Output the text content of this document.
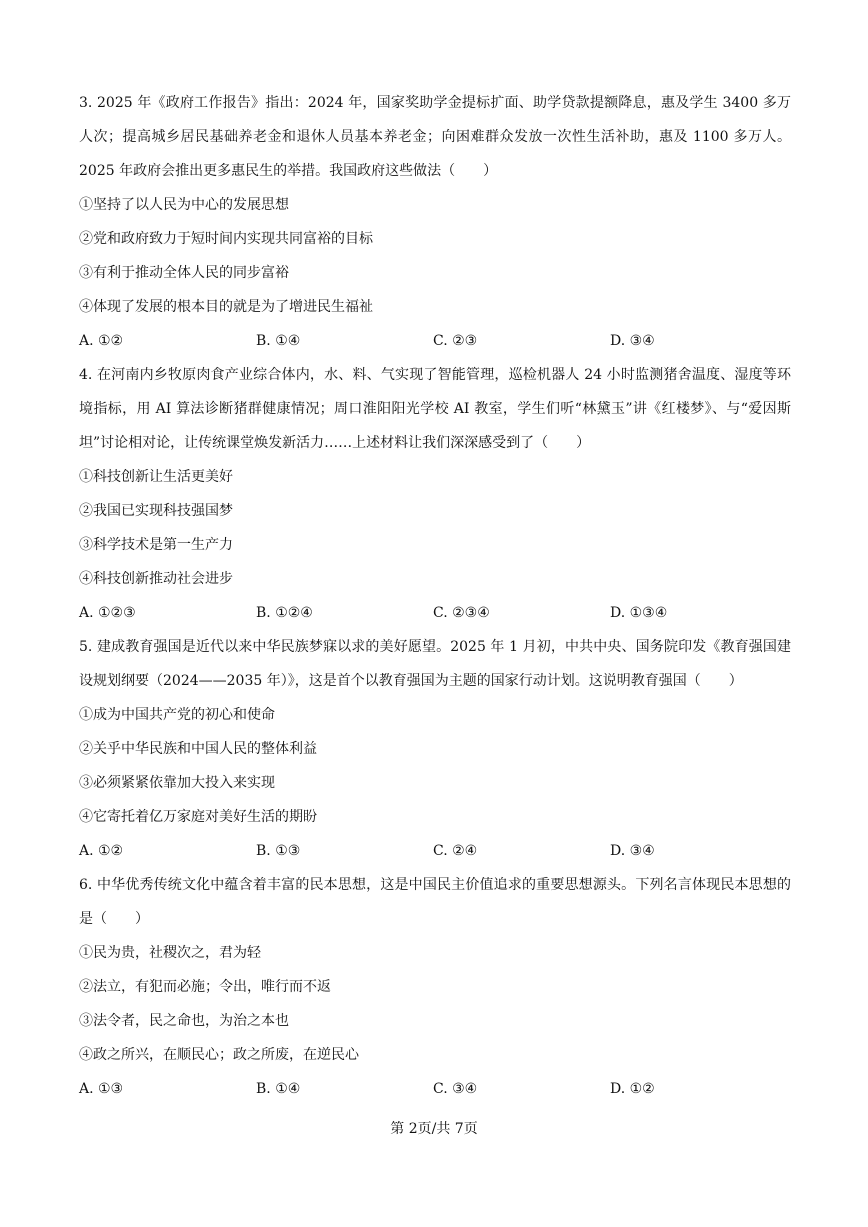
3. 2025 年《政府工作报告》指出：2024 年，国家奖助学金提标扩面、助学贷款提额降息，惠及学生 3400 多万人次；提高城乡居民基础养老金和退休人员基本养老金；向困难群众发放一次性生活补助，惠及 1100 多万人。2025 年政府会推出更多惠民生的举措。我国政府这些做法（　　）

①坚持了以人民为中心的发展思想

②党和政府致力于短时间内实现共同富裕的目标

③有利于推动全体人民的同步富裕

④体现了发展的根本目的就是为了增进民生福祉

A. ①②	B. ①④	C. ②③	D. ③④

4. 在河南内乡牧原肉食产业综合体内，水、料、气实现了智能管理，巡检机器人 24 小时监测猪舍温度、湿度等环境指标，用 AI 算法诊断猪群健康情况；周口淮阳阳光学校 AI 教室，学生们听“林黛玉”讲《红楼梦》、与“爱因斯坦”讨论相对论，让传统课堂焕发新活力……上述材料让我们深深感受到了（　　）

①科技创新让生活更美好

②我国已实现科技强国梦

③科学技术是第一生产力

④科技创新推动社会进步

A. ①②③	B. ①②④	C. ②③④	D. ①③④

5. 建成教育强国是近代以来中华民族梦寐以求的美好愿望。2025 年 1 月初，中共中央、国务院印发《教育强国建设规划纲要（2024——2035 年）》，这是首个以教育强国为主题的国家行动计划。这说明教育强国（　　）

①成为中国共产党的初心和使命

②关乎中华民族和中国人民的整体利益

③必须紧紧依靠加大投入来实现

④它寄托着亿万家庭对美好生活的期盼

A. ①②	B. ①③	C. ②④	D. ③④

6. 中华优秀传统文化中蕴含着丰富的民本思想，这是中国民主价值追求的重要思想源头。下列名言体现民本思想的是（　　）

①民为贵，社稷次之，君为轻

②法立，有犯而必施；令出，唯行而不返

③法令者，民之命也，为治之本也

④政之所兴，在顺民心；政之所废，在逆民心

A. ①③	B. ①④	C. ③④	D. ①②
第 2页/共 7页
